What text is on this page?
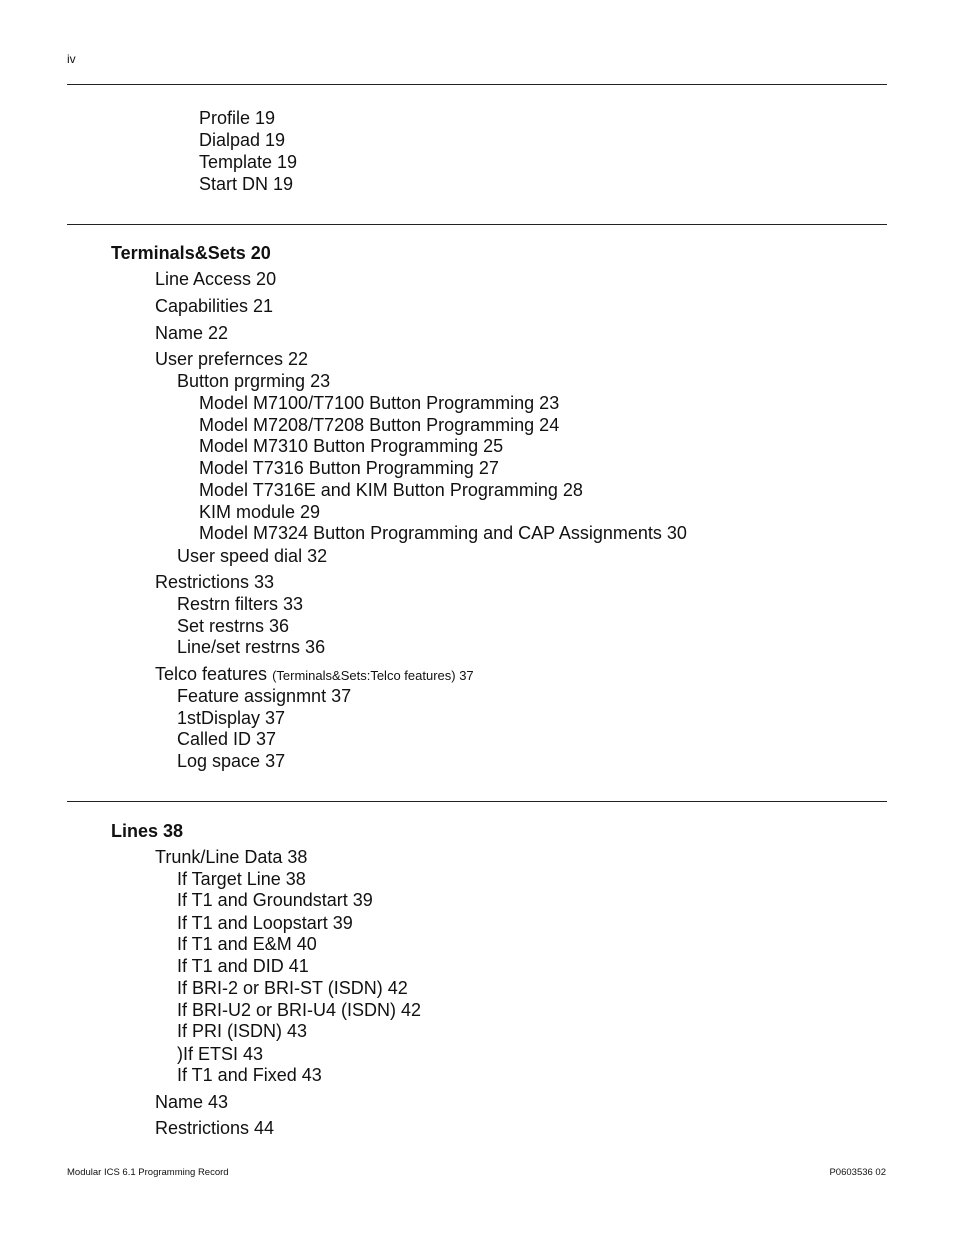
iv
Profile 19
Dialpad 19
Template 19
Start DN 19
Terminals&Sets 20
Line Access 20
Capabilities 21
Name 22
User prefernces 22
Button prgrming 23
Model M7100/T7100 Button Programming 23
Model M7208/T7208 Button Programming 24
Model M7310 Button Programming 25
Model T7316 Button Programming 27
Model T7316E and KIM Button Programming 28
KIM module 29
Model M7324 Button Programming and CAP Assignments 30
User speed dial 32
Restrictions 33
Restrn filters 33
Set restrns 36
Line/set restrns 36
Telco features (Terminals&Sets:Telco features) 37
Feature assignmnt 37
1stDisplay 37
Called ID 37
Log space 37
Lines 38
Trunk/Line Data 38
If Target Line 38
If T1 and Groundstart 39
If T1 and Loopstart 39
If T1 and E&M 40
If T1 and DID 41
If BRI-2 or BRI-ST (ISDN) 42
If BRI-U2 or BRI-U4 (ISDN) 42
If PRI (ISDN) 43
)If ETSI 43
If T1 and Fixed 43
Name 43
Restrictions 44
Modular ICS 6.1 Programming Record	P0603536 02
